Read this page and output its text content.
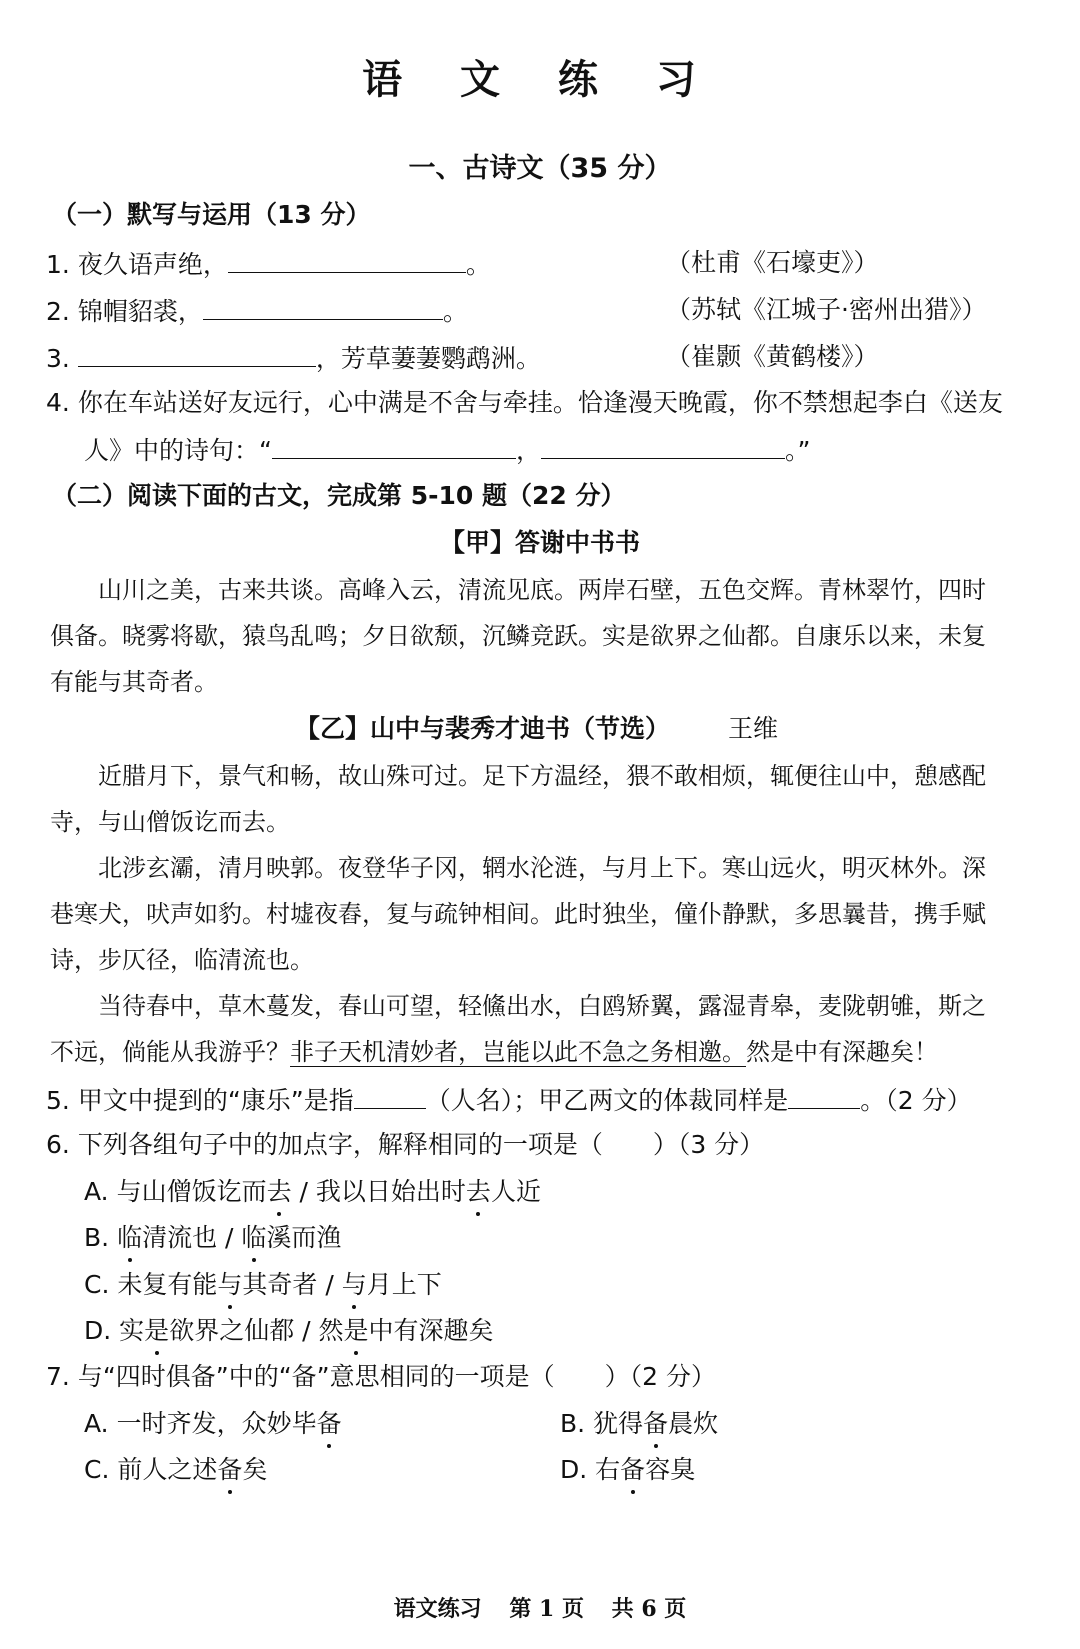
语 文 练 习
一、古诗文（35 分）
（一）默写与运用（13 分）
1. 夜久语声绝，	。	（杜甫《石壕吏》）
2. 锦帽貂裘，	。	（苏轼《江城子·密州出猎》）
3.	，芳草萋萋鹦鹉洲。	（崔颢《黄鹤楼》）
4. 你在车站送好友远行，心中满是不舍与牵挂。恰逢漫天晚霞，你不禁想起李白《送友
人》中的诗句：“	，	。”
（二）阅读下面的古文，完成第 5-10 题（22 分）
【甲】答谢中书书
山川之美，古来共谈。高峰入云，清流见底。两岸石壁，五色交辉。青林翠竹，四时
俱备。晓雾将歇，猿鸟乱鸣；夕日欲颓，沉鳞竞跃。实是欲界之仙都。自康乐以来，未复
有能与其奇者。
【乙】山中与裴秀才迪书（节选） 王维
近腊月下，景气和畅，故山殊可过。足下方温经，猥不敢相烦，辄便往山中，憩感配
寺，与山僧饭讫而去。
北涉玄灞，清月映郭。夜登华子冈，辋水沦涟，与月上下。寒山远火，明灭林外。深
巷寒犬，吠声如豹。村墟夜舂，复与疏钟相间。此时独坐，僮仆静默，多思曩昔，携手赋
诗，步仄径，临清流也。
当待春中，草木蔓发，春山可望，轻鯈出水，白鸥矫翼，露湿青皋，麦陇朝雊，斯之
不远，倘能从我游乎？非子天机清妙者，岂能以此不急之务相邀。然是中有深趣矣！
5. 甲文中提到的“康乐”是指	（人名）；甲乙两文的体裁同样是	。（2 分）
6. 下列各组句子中的加点字，解释相同的一项是（　　）（3 分）
A. 与山僧饭讫而去 / 我以日始出时去人近
B. 临清流也 / 临溪而渔
C. 未复有能与其奇者 / 与月上下
D. 实是欲界之仙都 / 然是中有深趣矣
7. 与“四时俱备”中的“备”意思相同的一项是（　　）（2 分）
A. 一时齐发，众妙毕备	B. 犹得备晨炊
C. 前人之述备矣	D. 右备容臭
语文练习 第 1 页 共 6 页
